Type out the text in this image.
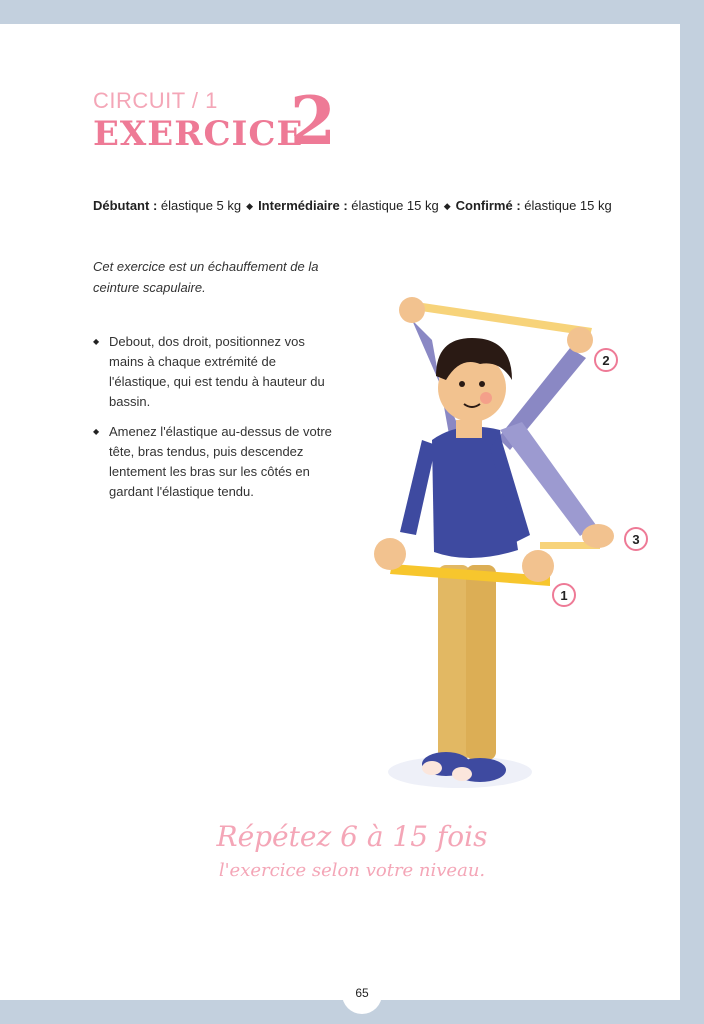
CIRCUIT / 1
EXERCICE
2
Débutant : élastique 5 kg ◆ Intermédiaire : élastique 15 kg ◆ Confirmé : élastique 15 kg
Cet exercice est un échauffement de la ceinture scapulaire.
◆ Debout, dos droit, positionnez vos mains à chaque extrémité de l'élastique, qui est tendu à hauteur du bassin.
◆ Amenez l'élastique au-dessus de votre tête, bras tendus, puis descendez lentement les bras sur les côtés en gardant l'élastique tendu.
2
3
1
Répétez 6 à 15 fois
l'exercice selon votre niveau.
65
